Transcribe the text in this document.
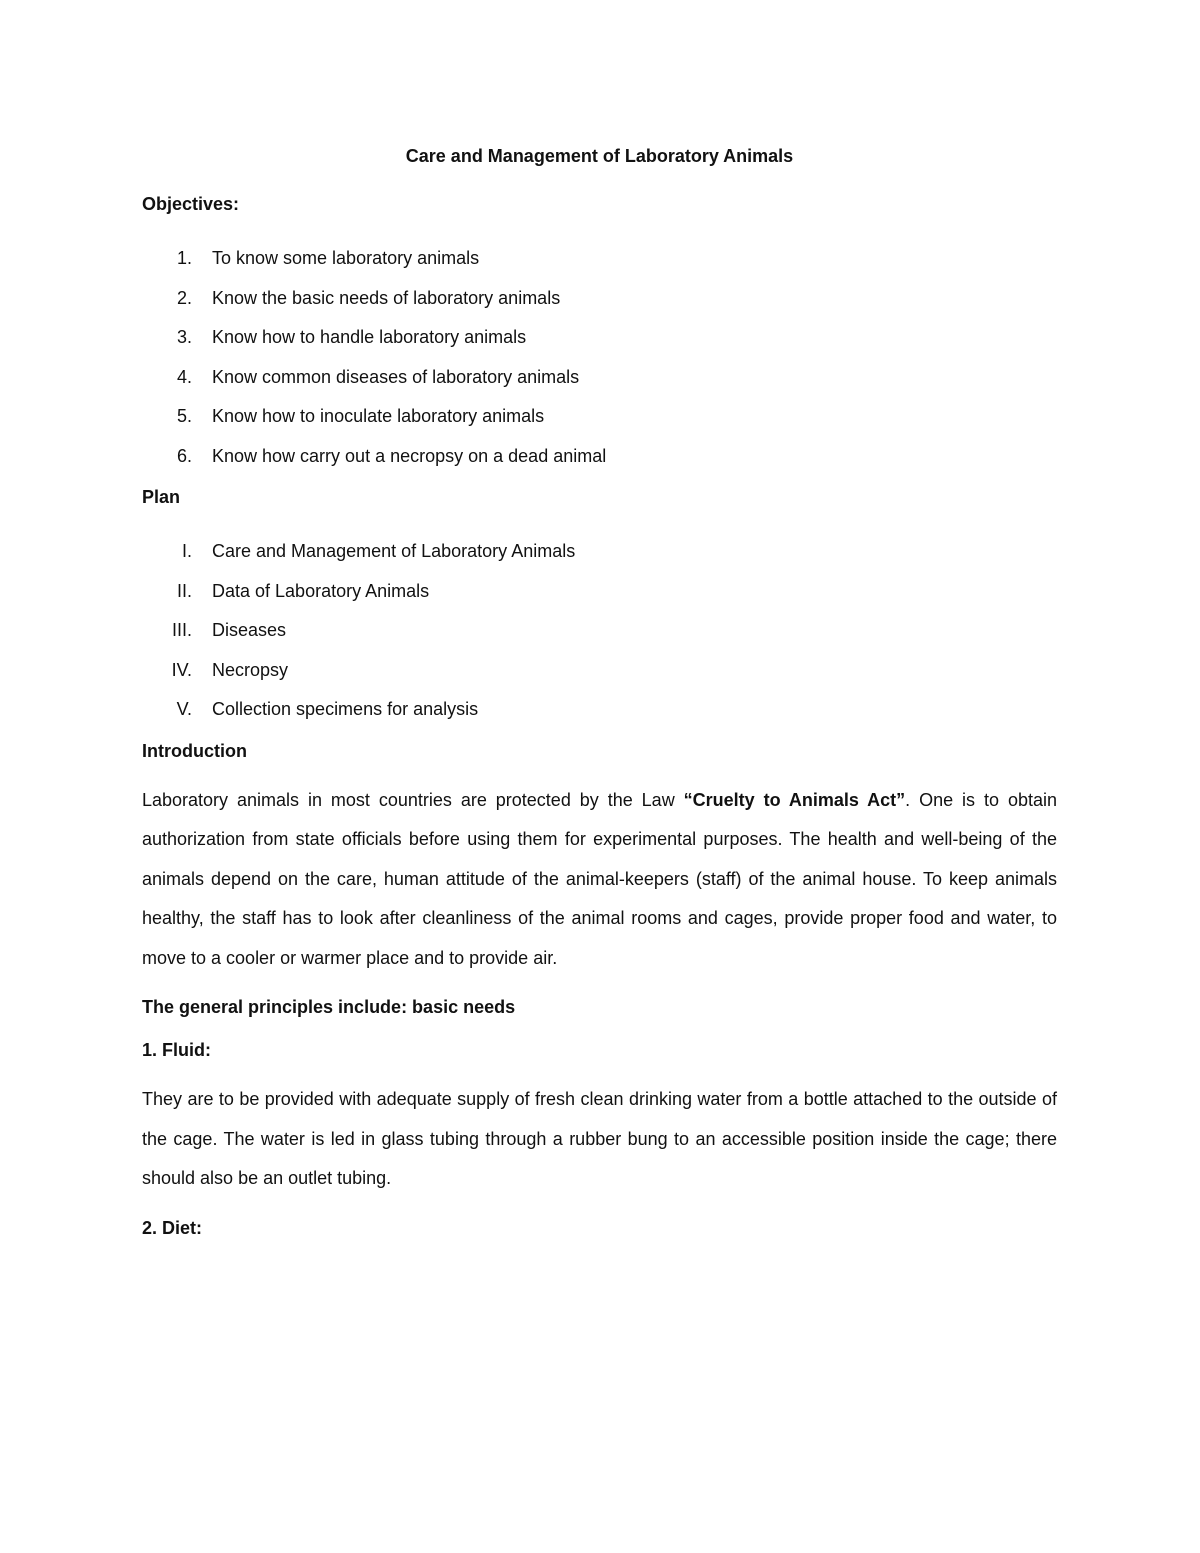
Care and Management of Laboratory Animals
Objectives:
1. To know some laboratory animals
2. Know the basic needs of laboratory animals
3. Know how to handle laboratory animals
4. Know common diseases of laboratory animals
5. Know how to inoculate laboratory animals
6. Know how carry out a necropsy on a dead animal
Plan
I. Care and Management of Laboratory Animals
II. Data of Laboratory Animals
III. Diseases
IV. Necropsy
V. Collection specimens for analysis
Introduction

Laboratory animals in most countries are protected by the Law “Cruelty to Animals Act”. One is to obtain authorization from state officials before using them for experimental purposes. The health and well-being of the animals depend on the care, human attitude of the animal-keepers (staff) of the animal house. To keep animals healthy, the staff has to look after cleanliness of the animal rooms and cages, provide proper food and water, to move to a cooler or warmer place and to provide air.

The general principles include: basic needs
1. Fluid:

They are to be provided with adequate supply of fresh clean drinking water from a bottle attached to the outside of the cage. The water is led in glass tubing through a rubber bung to an accessible position inside the cage; there should also be an outlet tubing.

2. Diet:
